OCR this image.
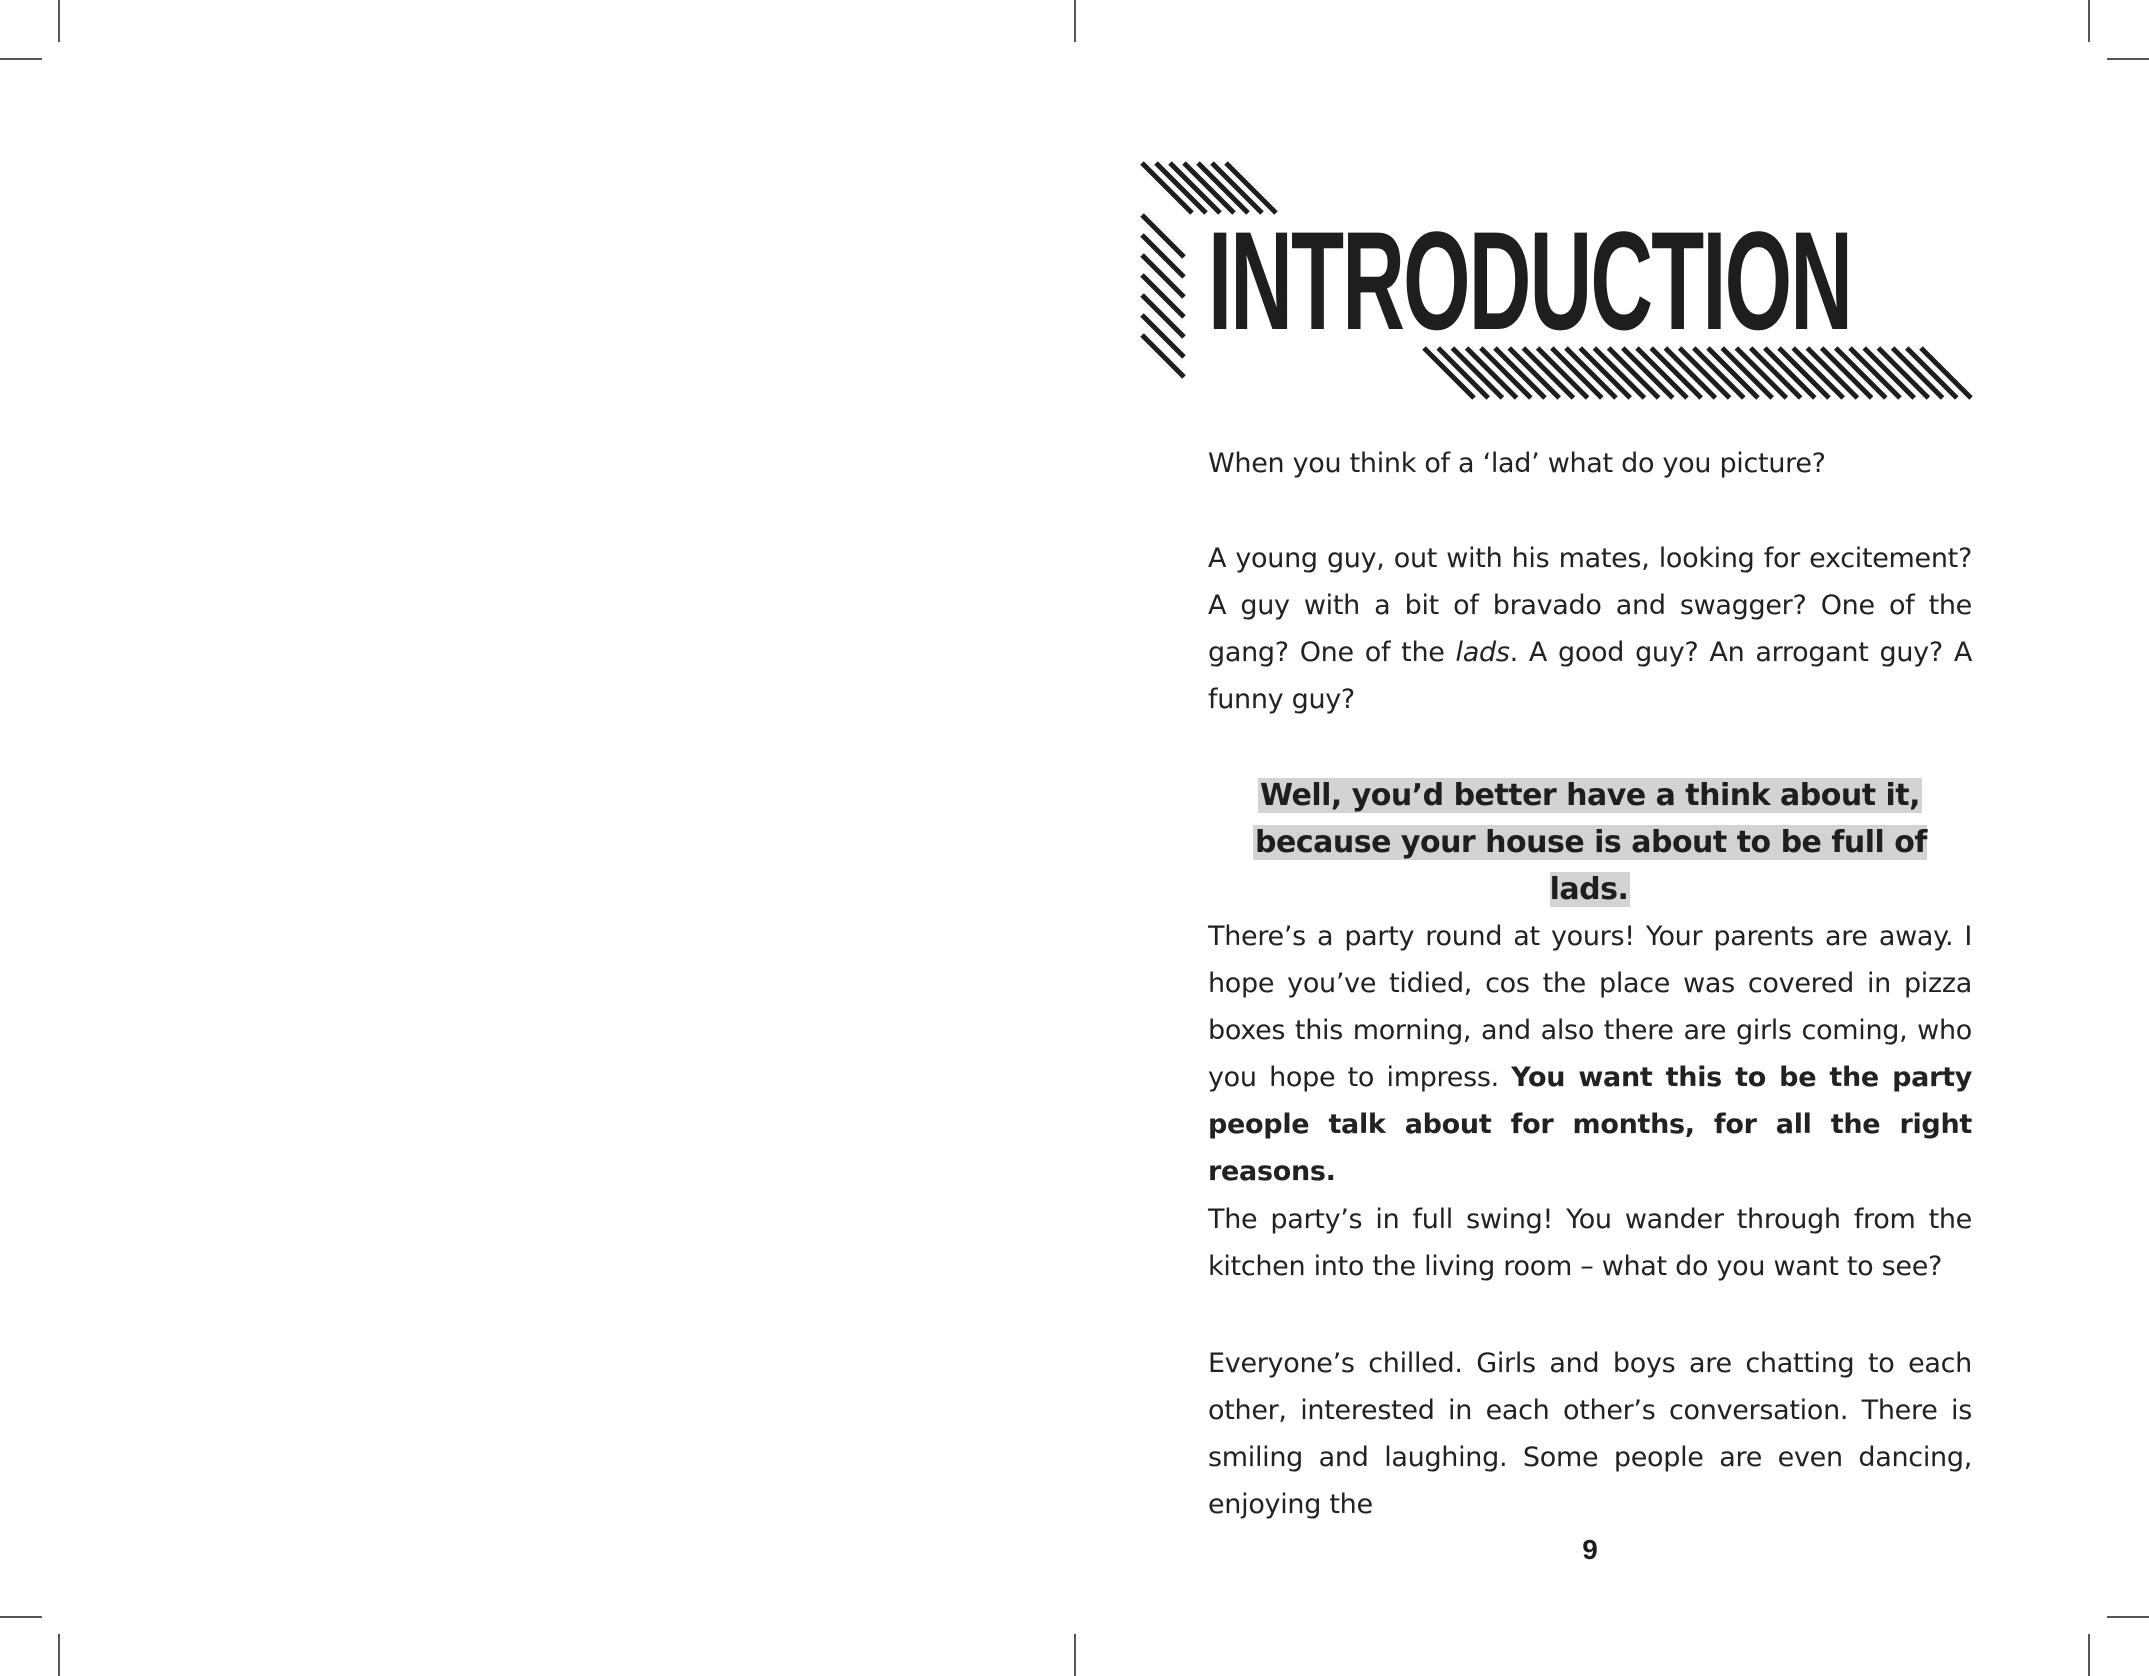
INTRODUCTION

When you think of a ‘lad’ what do you picture?

A young guy, out with his mates, looking for excitement? A guy with a bit of bravado and swagger? One of the gang? One of the lads. A good guy? An arrogant guy? A funny guy?

Well, you’d better have a think about it,
because your house is about to be full of lads.

There’s a party round at yours! Your parents are away. I hope you’ve tidied, cos the place was covered in pizza boxes this morning, and also there are girls coming, who you hope to impress. You want this to be the party people talk about for months, for all the right reasons.

The party’s in full swing! You wander through from the kitchen into the living room – what do you want to see?

Everyone’s chilled. Girls and boys are chatting to each other, interested in each other’s conversation. There is smiling and laughing. Some people are even dancing, enjoying the

9
